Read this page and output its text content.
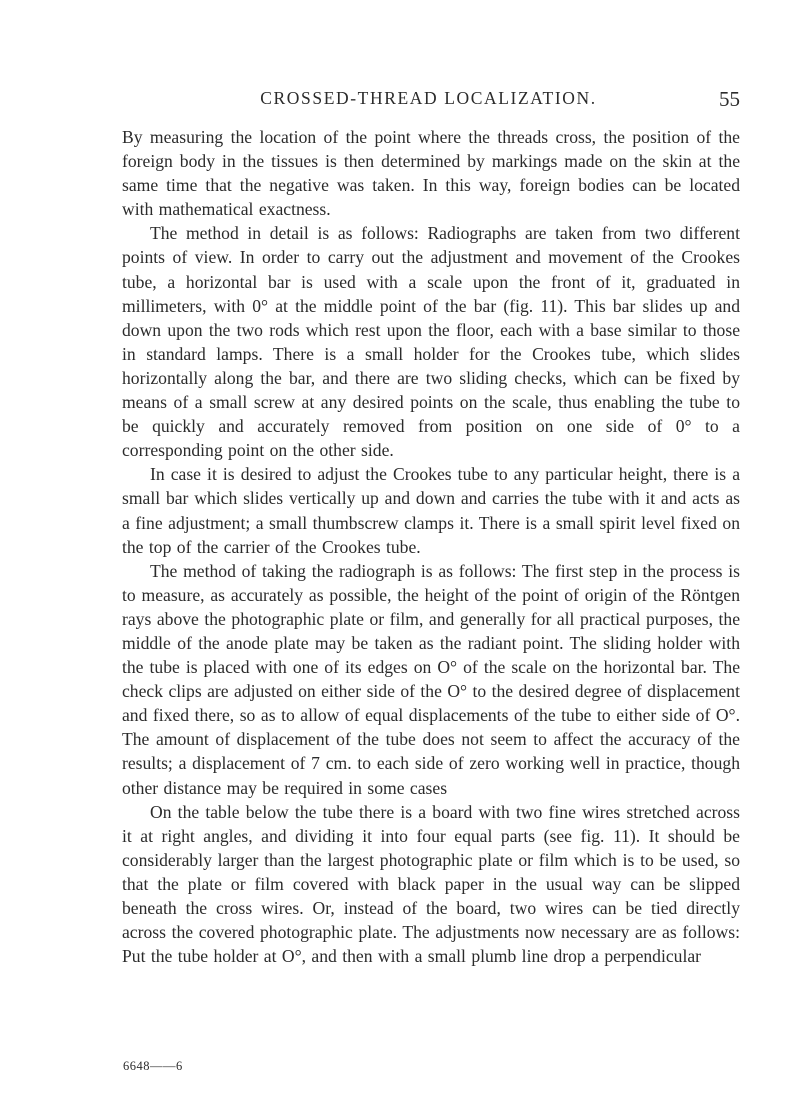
CROSSED-THREAD LOCALIZATION.	55

By measuring the location of the point where the threads cross, the position of the foreign body in the tissues is then determined by markings made on the skin at the same time that the negative was taken. In this way, foreign bodies can be located with mathematical exactness.

The method in detail is as follows: Radiographs are taken from two different points of view. In order to carry out the adjustment and movement of the Crookes tube, a horizontal bar is used with a scale upon the front of it, graduated in millimeters, with 0° at the middle point of the bar (fig. 11). This bar slides up and down upon the two rods which rest upon the floor, each with a base similar to those in standard lamps. There is a small holder for the Crookes tube, which slides horizontally along the bar, and there are two sliding checks, which can be fixed by means of a small screw at any desired points on the scale, thus enabling the tube to be quickly and accurately removed from position on one side of 0° to a corresponding point on the other side.

In case it is desired to adjust the Crookes tube to any particular height, there is a small bar which slides vertically up and down and carries the tube with it and acts as a fine adjustment; a small thumbscrew clamps it. There is a small spirit level fixed on the top of the carrier of the Crookes tube.

The method of taking the radiograph is as follows: The first step in the process is to measure, as accurately as possible, the height of the point of origin of the Röntgen rays above the photographic plate or film, and generally for all practical purposes, the middle of the anode plate may be taken as the radiant point. The sliding holder with the tube is placed with one of its edges on O° of the scale on the horizontal bar. The check clips are adjusted on either side of the O° to the desired degree of displacement and fixed there, so as to allow of equal displacements of the tube to either side of O°. The amount of displacement of the tube does not seem to affect the accuracy of the results; a displacement of 7 cm. to each side of zero working well in practice, though other distance may be required in some cases

On the table below the tube there is a board with two fine wires stretched across it at right angles, and dividing it into four equal parts (see fig. 11). It should be considerably larger than the largest photographic plate or film which is to be used, so that the plate or film covered with black paper in the usual way can be slipped beneath the cross wires. Or, instead of the board, two wires can be tied directly across the covered photographic plate. The adjustments now necessary are as follows: Put the tube holder at O°, and then with a small plumb line drop a perpendicular

6648——6
